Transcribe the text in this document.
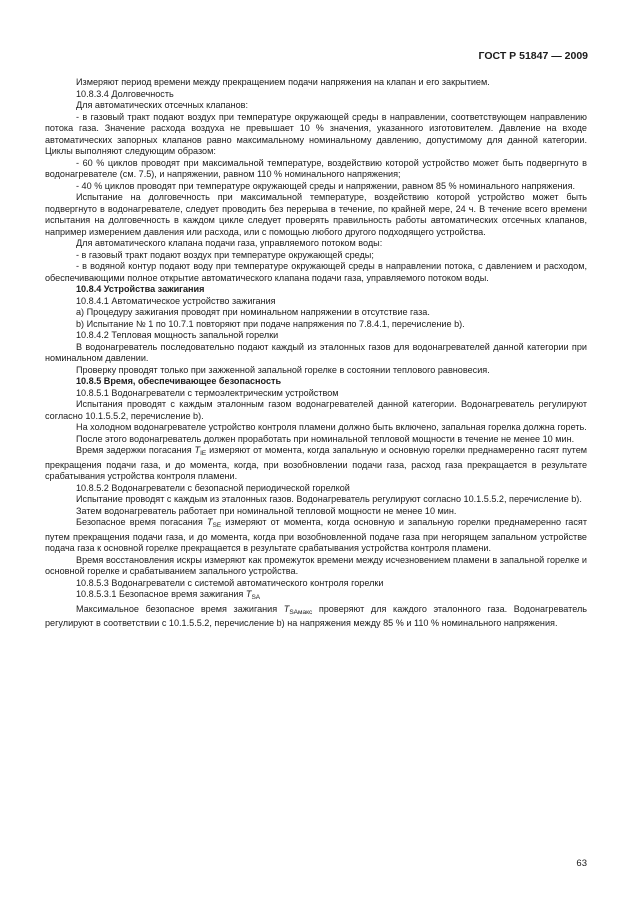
ГОСТ Р 51847 — 2009

Измеряют период времени между прекращением подачи напряжения на клапан и его закрытием.

10.8.3.4 Долговечность

Для автоматических отсечных клапанов:

- в газовый тракт подают воздух при температуре окружающей среды в направлении, соответствующем направлению потока газа. Значение расхода воздуха не превышает 10 % значения, указанного изготовителем. Давление на входе автоматических запорных клапанов равно максимальному номинальному давлению, допустимому для данной категории. Циклы выполняют следующим образом:

- 60 % циклов проводят при максимальной температуре, воздействию которой устройство может быть подвергнуто в водонагревателе (см. 7.5), и напряжении, равном 110 % номинального напряжения;

- 40 % циклов проводят при температуре окружающей среды и напряжении, равном 85 % номинального напряжения.

Испытание на долговечность при максимальной температуре, воздействию которой устройство может быть подвергнуто в водонагревателе, следует проводить без перерыва в течение, по крайней мере, 24 ч. В течение всего времени испытания на долговечность в каждом цикле следует проверять правильность работы автоматических отсечных клапанов, например измерением давления или расхода, или с помощью любого другого подходящего устройства.

Для автоматического клапана подачи газа, управляемого потоком воды:

- в газовый тракт подают воздух при температуре окружающей среды;

- в водяной контур подают воду при температуре окружающей среды в направлении потока, с давлением и расходом, обеспечивающими полное открытие автоматического клапана подачи газа, управляемого потоком воды.

10.8.4 Устройства зажигания

10.8.4.1 Автоматическое устройство зажигания

а) Процедуру зажигания проводят при номинальном напряжении в отсутствие газа.

b) Испытание № 1 по 10.7.1 повторяют при подаче напряжения по 7.8.4.1, перечисление b).

10.8.4.2 Тепловая мощность запальной горелки

В водонагреватель последовательно подают каждый из эталонных газов для водонагревателей данной категории при номинальном давлении.

Проверку проводят только при зажженной запальной горелке в состоянии теплового равновесия.

10.8.5 Время, обеспечивающее безопасность

10.8.5.1 Водонагреватели с термоэлектрическим устройством

Испытания проводят с каждым эталонным газом водонагревателей данной категории. Водонагреватель регулируют согласно 10.1.5.5.2, перечисление b).

На холодном водонагревателе устройство контроля пламени должно быть включено, запальная горелка должна гореть.

После этого водонагреватель должен проработать при номинальной тепловой мощности в течение не менее 10 мин.

Время задержки погасания $T_{IE}$ измеряют от момента, когда запальную и основную горелки преднамеренно гасят путем прекращения подачи газа, и до момента, когда, при возобновлении подачи газа, расход газа прекращается в результате срабатывания устройства контроля пламени.

10.8.5.2 Водонагреватели с безопасной периодической горелкой

Испытание проводят с каждым из эталонных газов. Водонагреватель регулируют согласно 10.1.5.5.2, перечисление b).

Затем водонагреватель работает при номинальной тепловой мощности не менее 10 мин.

Безопасное время погасания $T_{SE}$ измеряют от момента, когда основную и запальную горелки преднамеренно гасят путем прекращения подачи газа, и до момента, когда при возобновленной подаче газа при негорящем запальном устройстве подача газа к основной горелке прекращается в результате срабатывания устройства контроля пламени.

Время восстановления искры измеряют как промежуток времени между исчезновением пламени в запальной горелке и основной горелке и срабатыванием запального устройства.

10.8.5.3 Водонагреватели с системой автоматического контроля горелки

10.8.5.3.1 Безопасное время зажигания $T_{SA}$

Максимальное безопасное время зажигания $T_{SAмакс}$ проверяют для каждого эталонного газа. Водонагреватель регулируют в соответствии с 10.1.5.5.2, перечисление b) на напряжения между 85 % и 110 % номинального напряжения.

63
